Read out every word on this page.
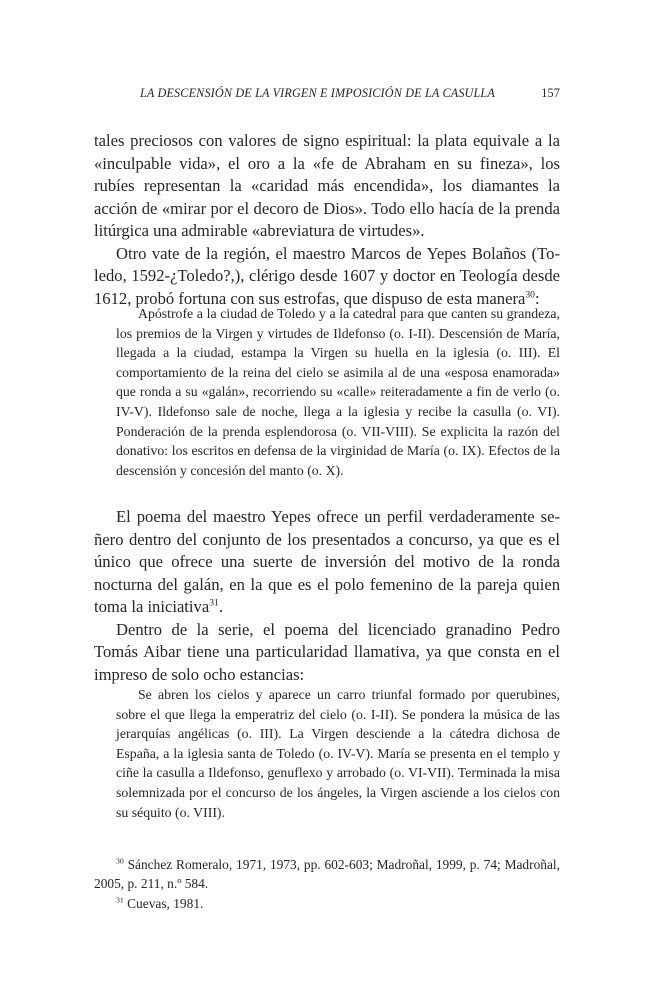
LA DESCENSIÓN DE LA VIRGEN E IMPOSICIÓN DE LA CASULLA	157

tales preciosos con valores de signo espiritual: la plata equivale a la «inculpable vida», el oro a la «fe de Abraham en su fineza», los rubíes representan la «caridad más encendida», los diamantes la acción de «mirar por el decoro de Dios». Todo ello hacía de la prenda litúrgica una admirable «abreviatura de virtudes».

Otro vate de la región, el maestro Marcos de Yepes Bolaños (Toledo, 1592-¿Toledo?,), clérigo desde 1607 y doctor en Teología desde 1612, probó fortuna con sus estrofas, que dispuso de esta manera$^{30}$:

Apóstrofe a la ciudad de Toledo y a la catedral para que canten su grandeza, los premios de la Virgen y virtudes de Ildefonso (o. I-II). Descensión de María, llegada a la ciudad, estampa la Virgen su huella en la iglesia (o. III). El comportamiento de la reina del cielo se asimila al de una «esposa enamorada» que ronda a su «galán», recorriendo su «calle» reiteradamente a fin de verlo (o. IV-V). Ildefonso sale de noche, llega a la iglesia y recibe la casulla (o. VI). Ponderación de la prenda esplendorosa (o. VII-VIII). Se explicita la razón del donativo: los escritos en defensa de la virginidad de María (o. IX). Efectos de la descensión y concesión del manto (o. X).

El poema del maestro Yepes ofrece un perfil verdaderamente señero dentro del conjunto de los presentados a concurso, ya que es el único que ofrece una suerte de inversión del motivo de la ronda nocturna del galán, en la que es el polo femenino de la pareja quien toma la iniciativa$^{31}$.

Dentro de la serie, el poema del licenciado granadino Pedro Tomás Aibar tiene una particularidad llamativa, ya que consta en el impreso de solo ocho estancias:

Se abren los cielos y aparece un carro triunfal formado por querubines, sobre el que llega la emperatriz del cielo (o. I-II). Se pondera la música de las jerarquías angélicas (o. III). La Virgen desciende a la cátedra dichosa de España, a la iglesia santa de Toledo (o. IV-V). María se presenta en el templo y ciñe la casulla a Ildefonso, genuflexo y arrobado (o. VI-VII). Terminada la misa solemnizada por el concurso de los ángeles, la Virgen asciende a los cielos con su séquito (o. VIII).

$^{30}$ Sánchez Romeralo, 1971, 1973, pp. 602-603; Madroñal, 1999, p. 74; Madroñal, 2005, p. 211, n.º 584.

$^{31}$ Cuevas, 1981.
